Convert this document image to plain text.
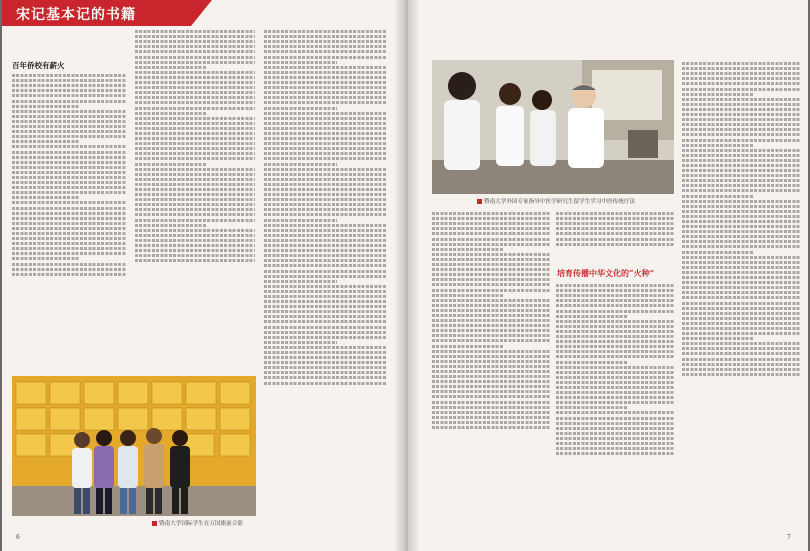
宋记基本记的书籍
百年侨校有薪火
暨南大学国际学生在万国旗前合影
6
暨南大学外国专家指导中医学研究生留学生学习中医传统疗法
培育传播中华文化的“火种”
7
